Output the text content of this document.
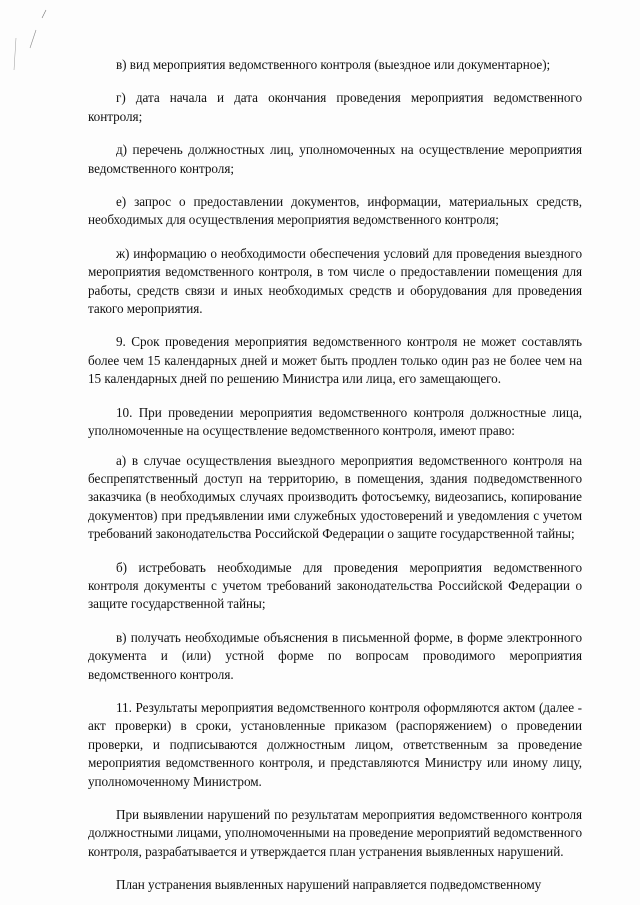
в) вид мероприятия ведомственного контроля (выездное или документарное);

г) дата начала и дата окончания проведения мероприятия ведомственного контроля;

д) перечень должностных лиц, уполномоченных на осуществление мероприятия ведомственного контроля;

е) запрос о предоставлении документов, информации, материальных средств, необходимых для осуществления мероприятия ведомственного контроля;

ж) информацию о необходимости обеспечения условий для проведения выездного мероприятия ведомственного контроля, в том числе о предоставлении помещения для работы, средств связи и иных необходимых средств и оборудования для проведения такого мероприятия.

9. Срок проведения мероприятия ведомственного контроля не может составлять более чем 15 календарных дней и может быть продлен только один раз не более чем на 15 календарных дней по решению Министра или лица, его замещающего.

10. При проведении мероприятия ведомственного контроля должностные лица, уполномоченные на осуществление ведомственного контроля, имеют право:

а) в случае осуществления выездного мероприятия ведомственного контроля на беспрепятственный доступ на территорию, в помещения, здания подведомственного заказчика (в необходимых случаях производить фотосъемку, видеозапись, копирование документов) при предъявлении ими служебных удостоверений и уведомления с учетом требований законодательства Российской Федерации о защите государственной тайны;

б) истребовать необходимые для проведения мероприятия ведомственного контроля документы с учетом требований законодательства Российской Федерации о защите государственной тайны;

в) получать необходимые объяснения в письменной форме, в форме электронного документа и (или) устной форме по вопросам проводимого мероприятия ведомственного контроля.

11. Результаты мероприятия ведомственного контроля оформляются актом (далее - акт проверки) в сроки, установленные приказом (распоряжением) о проведении проверки, и подписываются должностным лицом, ответственным за проведение мероприятия ведомственного контроля, и представляются Министру или иному лицу, уполномоченному Министром.

При выявлении нарушений по результатам мероприятия ведомственного контроля должностными лицами, уполномоченными на проведение мероприятий ведомственного контроля, разрабатывается и утверждается план устранения выявленных нарушений.

План устранения выявленных нарушений направляется подведомственному
